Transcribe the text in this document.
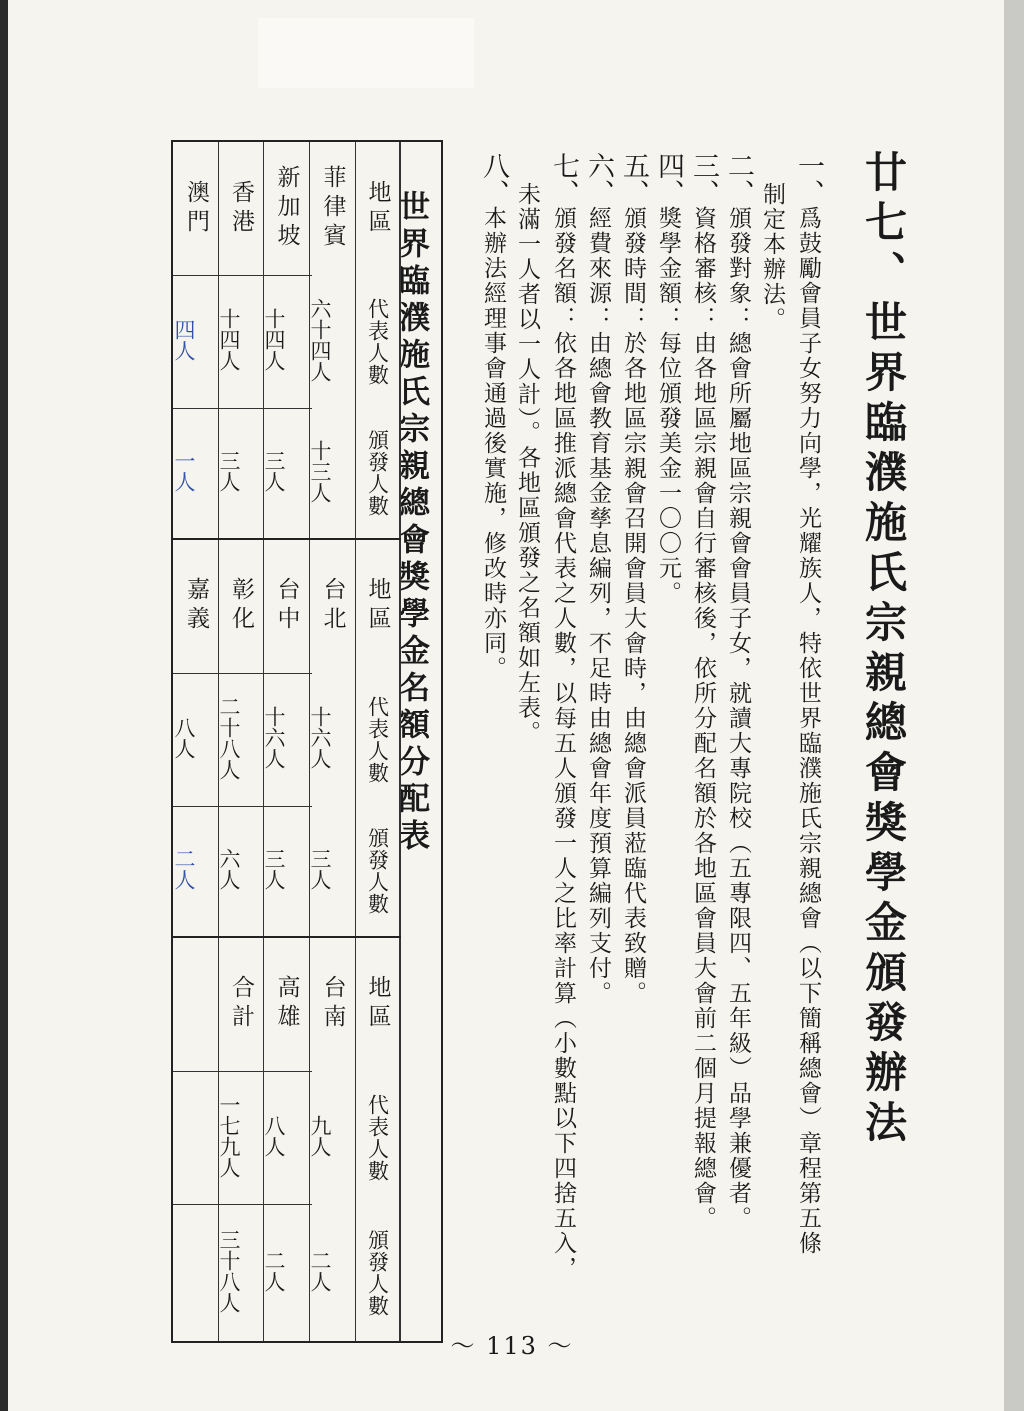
廿七、世界臨濮施氏宗親總會獎學金頒發辦法
一、爲鼓勵會員子女努力向學，光耀族人，特依世界臨濮施氏宗親總會（以下簡稱總會）章程第五條
制定本辦法。
二、頒發對象：總會所屬地區宗親會會員子女，就讀大專院校（五專限四、五年級）品學兼優者。
三、資格審核：由各地區宗親會自行審核後，依所分配名額於各地區會員大會前二個月提報總會。
四、獎學金額：每位頒發美金一〇〇元。
五、頒發時間：於各地區宗親會召開會員大會時，由總會派員蒞臨代表致贈。
六、經費來源：由總會教育基金孳息編列，不足時由總會年度預算編列支付。
七、頒發名額：依各地區推派總會代表之人數，以每五人頒發一人之比率計算（小數點以下四捨五入，
未滿一人者以一人計）。各地區頒發之名額如左表。
八、本辦法經理事會通過後實施，修改時亦同。
世界臨濮施氏宗親總會獎學金名額分配表
地區
代表人數
頒發人數
地區
代表人數
頒發人數
地區
代表人數
頒發人數
菲律賓
六十四人
十三人
新加坡
十四人
三人
香港
十四人
三人
澳門
四人
一人
台北
十六人
三人
台中
十六人
三人
彰化
二十八人
六人
嘉義
八人
二人
台南
九人
二人
高雄
八人
二人
合計
一七九人
三十八人
～ 113 ～
